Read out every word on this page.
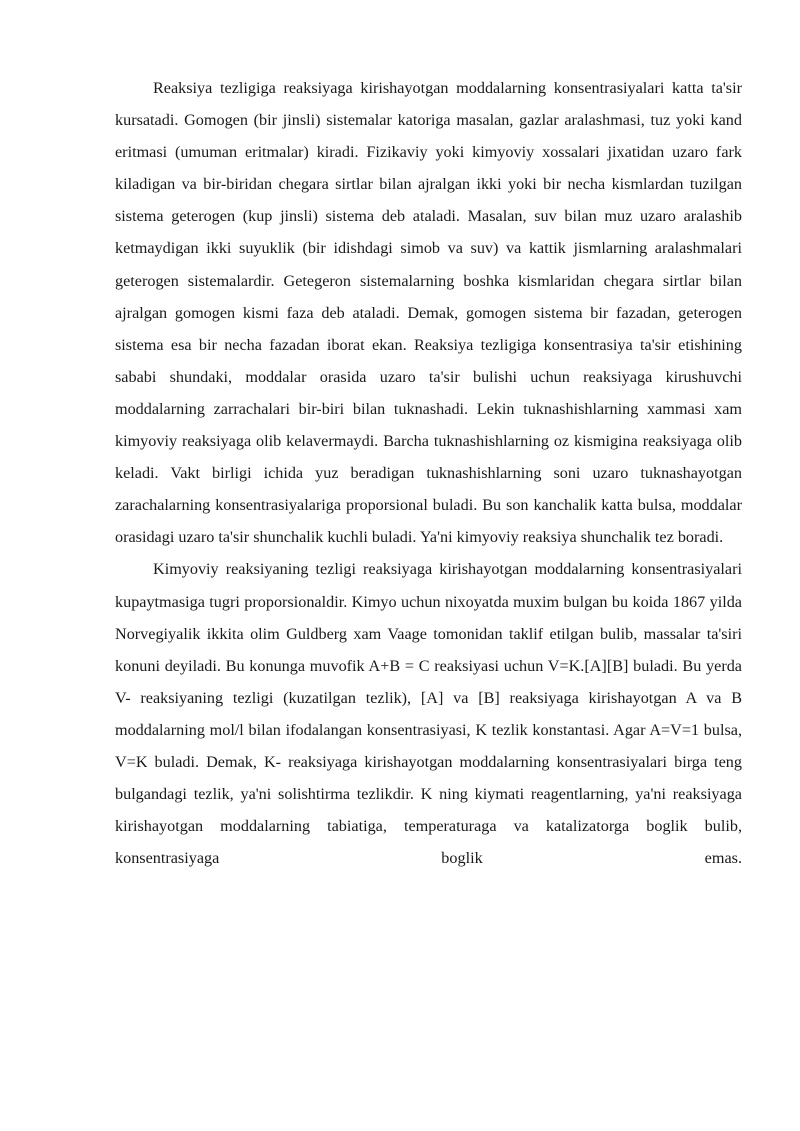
Reaksiya tezligiga reaksiyaga kirishayotgan moddalarning konsentrasiyalari katta ta'sir kursatadi. Gomogen (bir jinsli) sistemalar katoriga masalan, gazlar aralashmasi, tuz yoki kand eritmasi (umuman eritmalar) kiradi. Fizikaviy yoki kimyoviy xossalari jixatidan uzaro fark kiladigan va bir-biridan chegara sirtlar bilan ajralgan ikki yoki bir necha kismlardan tuzilgan sistema geterogen (kup jinsli) sistema deb ataladi. Masalan, suv bilan muz uzaro aralashib ketmaydigan ikki suyuklik (bir idishdagi simob va suv) va kattik jismlarning aralashmalari geterogen sistemalardir. Getegeron sistemalarning boshka kismlaridan chegara sirtlar bilan ajralgan gomogen kismi faza deb ataladi. Demak, gomogen sistema bir fazadan, geterogen sistema esa bir necha fazadan iborat ekan. Reaksiya tezligiga konsentrasiya ta'sir etishining sababi shundaki, moddalar orasida uzaro ta'sir bulishi uchun reaksiyaga kirushuvchi moddalarning zarrachalari bir-biri bilan tuknashadi. Lekin tuknashishlarning xammasi xam kimyoviy reaksiyaga olib kelavermaydi. Barcha tuknashishlarning oz kismigina reaksiyaga olib keladi. Vakt birligi ichida yuz beradigan tuknashishlarning soni uzaro tuknashayotgan zarachalarning konsentrasiyalariga proporsional buladi. Bu son kanchalik katta bulsa, moddalar orasidagi uzaro ta'sir shunchalik kuchli buladi. Ya'ni kimyoviy reaksiya shunchalik tez boradi.

Kimyoviy reaksiyaning tezligi reaksiyaga kirishayotgan moddalarning konsentrasiyalari kupaytmasiga tugri proporsionaldir. Kimyo uchun nixoyatda muxim bulgan bu koida 1867 yilda Norvegiyalik ikkita olim Guldberg xam Vaage tomonidan taklif etilgan bulib, massalar ta'siri konuni deyiladi. Bu konunga muvofik A+B = C reaksiyasi uchun V=K.[A][B] buladi. Bu yerda V- reaksiyaning tezligi (kuzatilgan tezlik), [A] va [B] reaksiyaga kirishayotgan A va B moddalarning mol/l bilan ifodalangan konsentrasiyasi, K tezlik konstantasi. Agar A=V=1 bulsa, V=K buladi. Demak, K- reaksiyaga kirishayotgan moddalarning konsentrasiyalari birga teng bulgandagi tezlik, ya'ni solishtirma tezlikdir. K ning kiymati reagentlarning, ya'ni reaksiyaga kirishayotgan moddalarning tabiatiga, temperaturaga va katalizatorga boglik bulib, konsentrasiyaga boglik emas.
